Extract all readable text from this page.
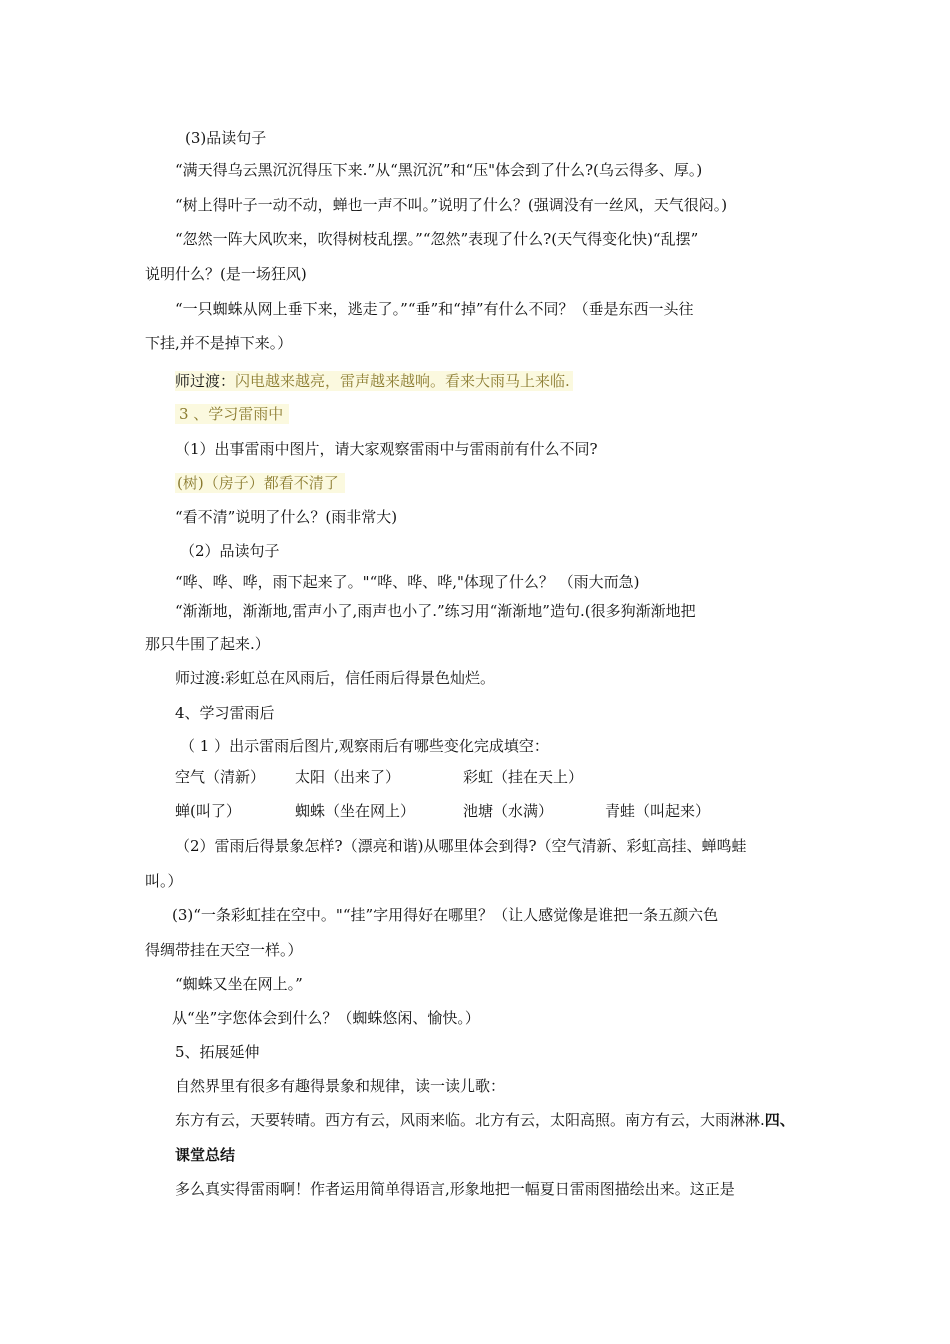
(3)品读句子
“满天得乌云黑沉沉得压下来.”从“黑沉沉”和“压"体会到了什么?(乌云得多、厚。)
“树上得叶子一动不动，蝉也一声不叫。”说明了什么？(强调没有一丝风，天气很闷。)
“忽然一阵大风吹来，吹得树枝乱摆。”“忽然”表现了什么?(天气得变化快)“乱摆”
说明什么？(是一场狂风)
“一只蜘蛛从网上垂下来，逃走了。”“垂”和“掉”有什么不同？（垂是东西一头往
下挂,并不是掉下来。）
师过渡：闪电越来越亮，雷声越来越响。看来大雨马上来临.
3 、学习雷雨中
（1）出事雷雨中图片，请大家观察雷雨中与雷雨前有什么不同?
(树)（房子）都看不清了
“看不清”说明了什么？(雨非常大)
（2）品读句子
“哗、哗、哗，雨下起来了。"“哗、哗、哗,"体现了什么？ （雨大而急)
“渐渐地，渐渐地,雷声小了,雨声也小了.”练习用“渐渐地”造句.(很多狗渐渐地把
那只牛围了起来.）
师过渡:彩虹总在风雨后，信任雨后得景色灿烂。
4、学习雷雨后
（ 1 ）出示雷雨后图片,观察雨后有哪些变化完成填空：
空气（清新） 太阳（出来了）	彩虹（挂在天上）
蝉(叫了）	蜘蛛（坐在网上）	池塘（水满）	青蛙（叫起来）
（2）雷雨后得景象怎样?（漂亮和谐)从哪里体会到得?（空气清新、彩虹高挂、蝉鸣蛙
叫。）
(3)“一条彩虹挂在空中。"“挂”字用得好在哪里？（让人感觉像是谁把一条五颜六色
得绸带挂在天空一样。）
“蜘蛛又坐在网上。”
从“坐”字您体会到什么？（蜘蛛悠闲、愉快。）
5、拓展延伸
自然界里有很多有趣得景象和规律，读一读儿歌：
东方有云，天要转晴。西方有云，风雨来临。北方有云，太阳高照。南方有云，大雨淋淋.四、
课堂总结
多么真实得雷雨啊！作者运用简单得语言,形象地把一幅夏日雷雨图描绘出来。这正是
